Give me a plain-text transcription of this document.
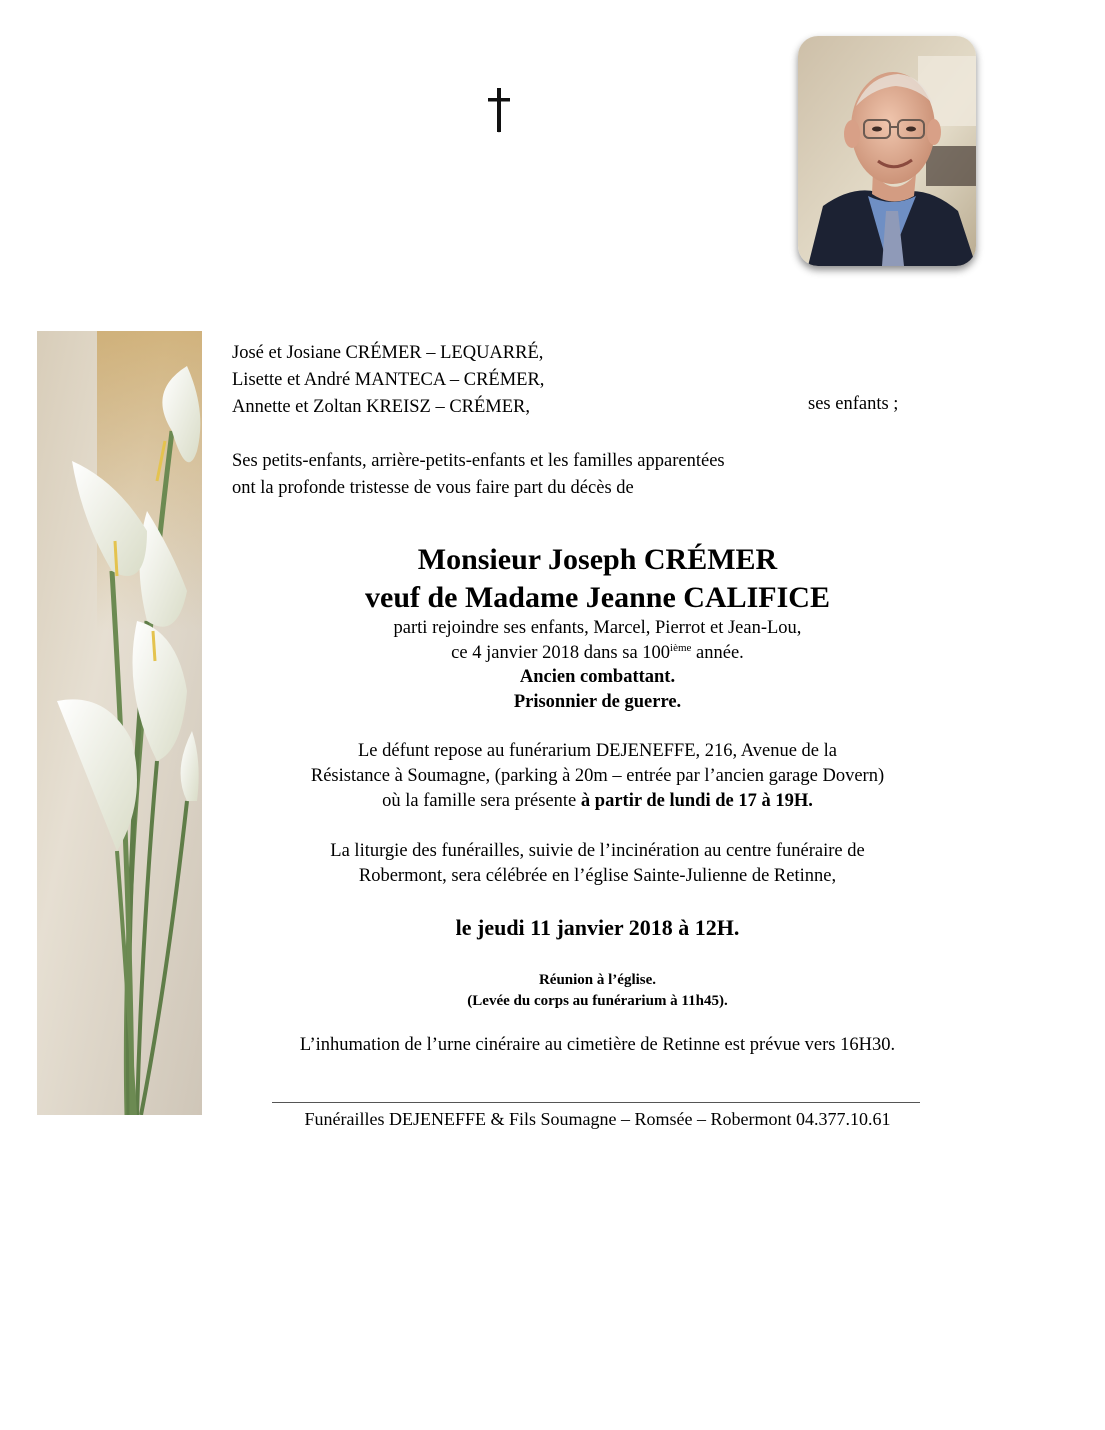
José et Josiane CRÉMER – LEQUARRÉ,
Lisette et André MANTECA – CRÉMER,
Annette et Zoltan KREISZ – CRÉMER,	ses enfants ;
Ses petits-enfants, arrière-petits-enfants et les familles apparentées
ont la profonde tristesse de vous faire part du décès de
Monsieur Joseph CRÉMER
veuf de Madame Jeanne CALIFICE
parti rejoindre ses enfants, Marcel, Pierrot et Jean-Lou,
ce 4 janvier 2018 dans sa 100ième année.
Ancien combattant.
Prisonnier de guerre.
Le défunt repose au funérarium DEJENEFFE, 216, Avenue de la
Résistance à Soumagne, (parking à 20m – entrée par l’ancien garage Dovern)
où la famille sera présente à partir de lundi de 17 à 19H.
La liturgie des funérailles, suivie de l’incinération au centre funéraire de
Robermont, sera célébrée en l’église Sainte-Julienne de Retinne,
le jeudi 11 janvier 2018 à 12H.
Réunion à l’église.
(Levée du corps au funérarium à 11h45).
L’inhumation de l’urne cinéraire au cimetière de Retinne est prévue vers 16H30.
Funérailles DEJENEFFE & Fils Soumagne – Romsée – Robermont 04.377.10.61
